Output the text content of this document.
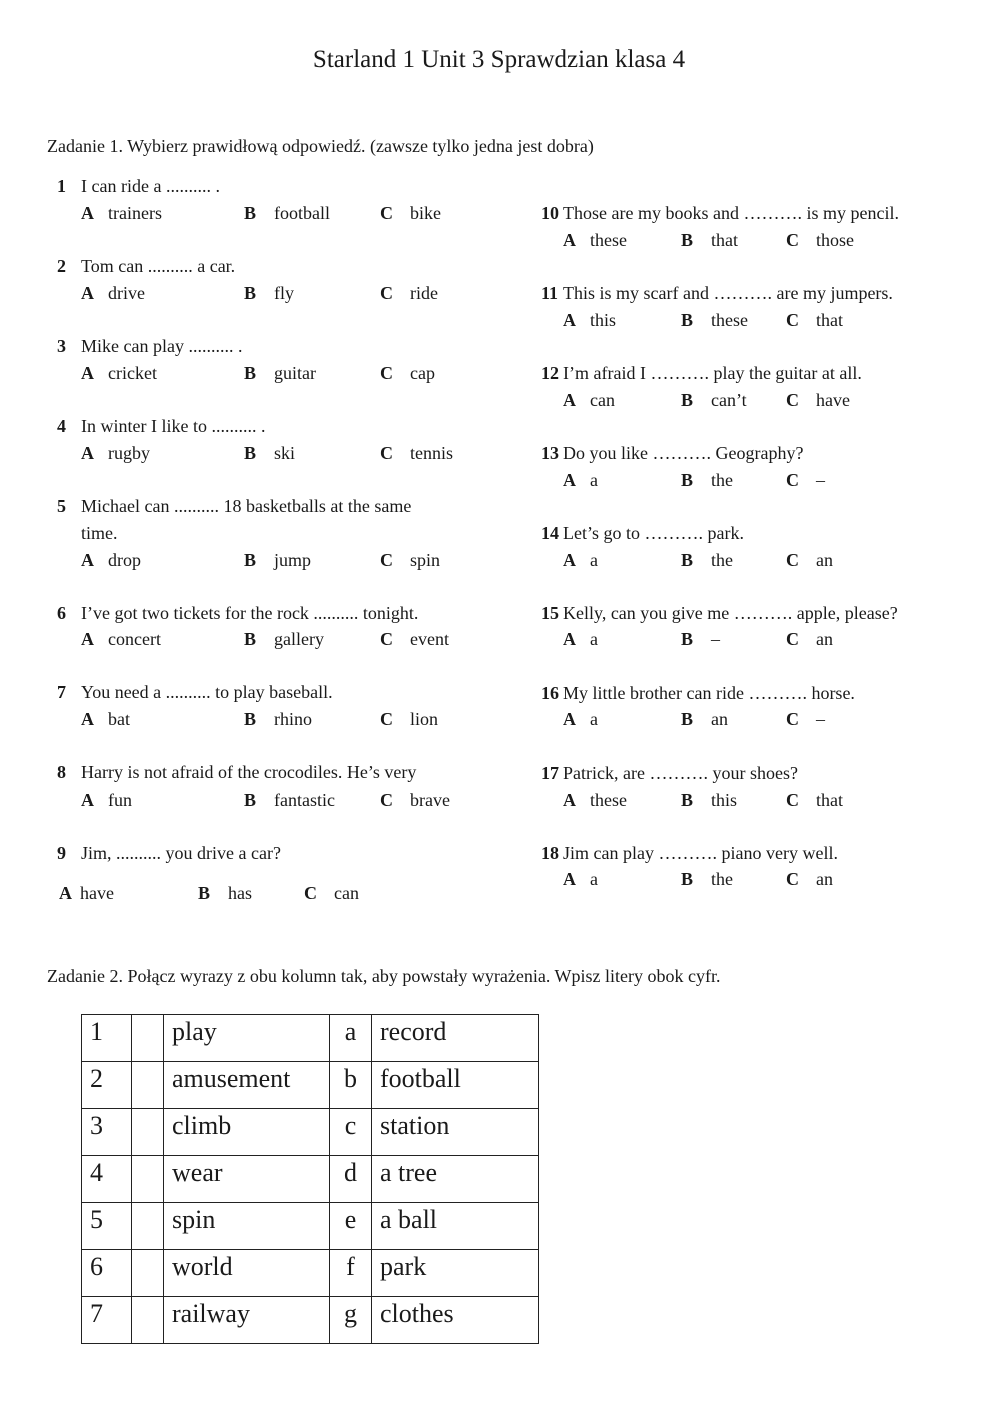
Starland 1 Unit 3 Sprawdzian klasa 4
Zadanie 1. Wybierz prawidłową odpowiedź. (zawsze tylko jedna jest dobra)
1 I can ride a .......... .
A trainers	B football	C bike
2 Tom can .......... a car.
A drive	B fly	C ride
3 Mike can play .......... .
A cricket	B guitar	C cap
4 In winter I like to .......... .
A rugby	B ski	C tennis
5 Michael can .......... 18 basketballs at the same
time.
A drop	B jump	C spin
6 I’ve got two tickets for the rock .......... tonight.
A concert	B gallery	C event
7 You need a .......... to play baseball.
A bat	B rhino	C lion
8 Harry is not afraid of the crocodiles. He’s very
A fun	B fantastic	C brave
9 Jim, .......... you drive a car?
A have	B has	C can
10 Those are my books and ………. is my pencil.
A these	B that	C those
11 This is my scarf and ………. are my jumpers.
A this	B these C that
12 I’m afraid I ………. play the guitar at all.
A can	B can’t C have
13 Do you like ………. Geography?
A a	B the	C –
14 Let’s go to ………. park.
A a	B the	C an
15 Kelly, can you give me ………. apple, please?
A a	B –	C an
16 My little brother can ride ………. horse.
A a	B an	C –
17 Patrick, are ………. your shoes?
A these	B this	C that
18 Jim can play ………. piano very well.
A a	B the	C an
Zadanie 2. Połącz wyrazy z obu kolumn tak, aby powstały wyrażenia. Wpisz litery obok cyfr.
1		play	a	record
2		amusement	b	football
3		climb	c	station
4		wear	d	a tree
5		spin	e	a ball
6		world	f	park
7		railway	g	clothes
